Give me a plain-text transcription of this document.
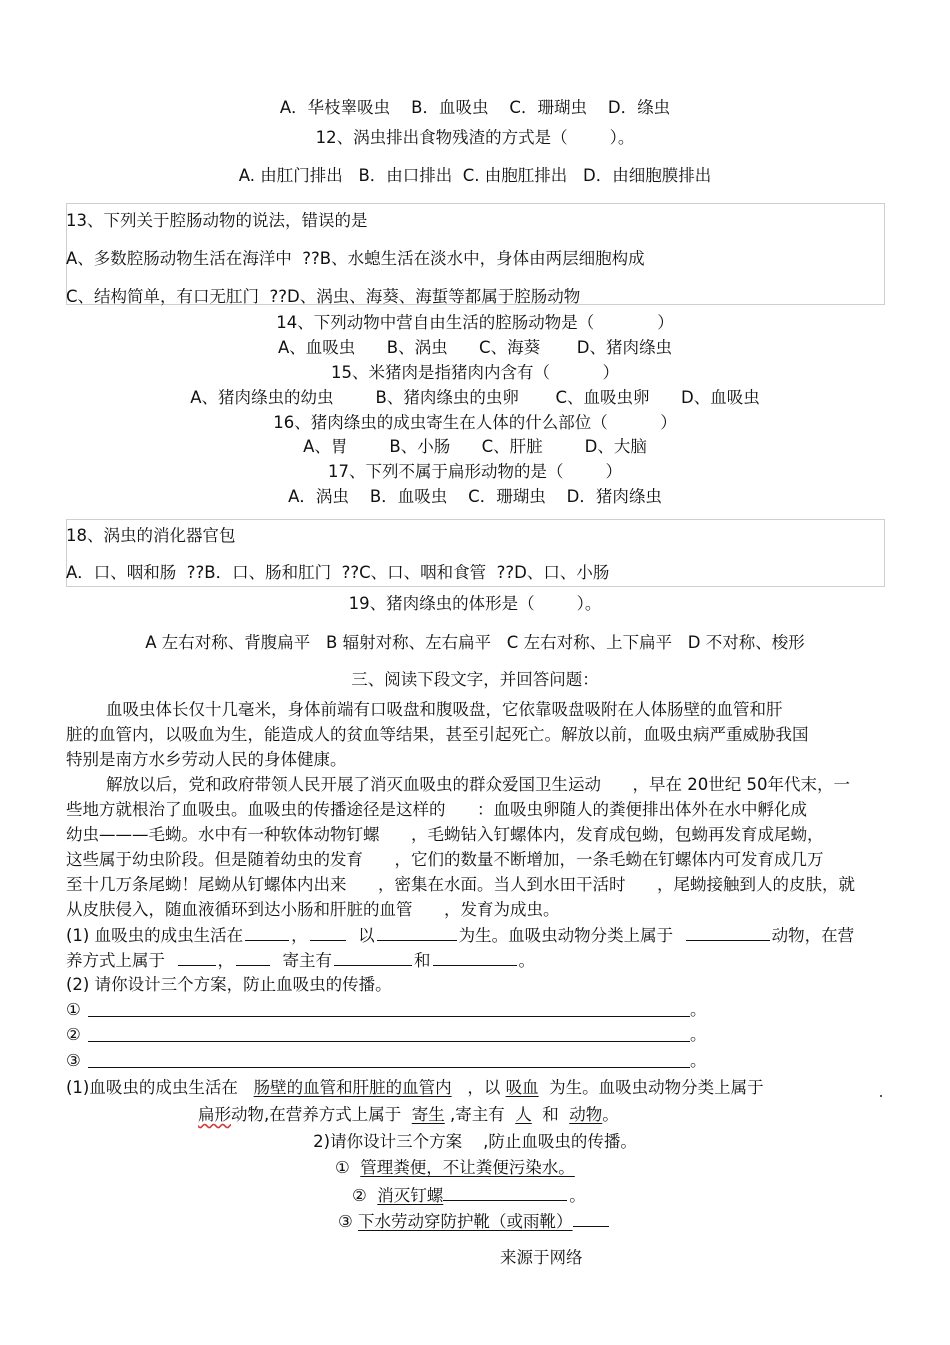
A．华枝睾吸虫    B．血吸虫    C．珊瑚虫    D．绦虫
12、涡虫排出食物残渣的方式是（        ）。
A. 由肛门排出   B．由口排出  C. 由胞肛排出   D．由细胞膜排出
13、下列关于腔肠动物的说法，错误的是
A、多数腔肠动物生活在海洋中  ??B、水螅生活在淡水中，身体由两层细胞构成
C、结构简单，有口无肛门  ??D、涡虫、海葵、海蜇等都属于腔肠动物
14、下列动物中营自由生活的腔肠动物是（            ）
A、血吸虫      B、涡虫      C、海葵       D、猪肉绦虫
15、米猪肉是指猪肉内含有（          ）
A、猪肉绦虫的幼虫        B、猪肉绦虫的虫卵       C、血吸虫卵      D、血吸虫
16、猪肉绦虫的成虫寄生在人体的什么部位（          ）
A、胃        B、小肠      C、肝脏        D、大脑
17、下列不属于扁形动物的是（        ）
A．涡虫    B．血吸虫    C．珊瑚虫    D．猪肉绦虫
18、涡虫的消化器官包
A．口、咽和肠  ??B．口、肠和肛门  ??C、口、咽和食管  ??D、口、小肠
19、猪肉绦虫的体形是（        ）。
A 左右对称、背腹扁平   B 辐射对称、左右扁平   C 左右对称、上下扁平   D 不对称、梭形
三、阅读下段文字，并回答问题：
血吸虫体长仅十几毫米，身体前端有口吸盘和腹吸盘，它依靠吸盘吸附在人体肠壁的血管和肝
脏的血管内，以吸血为生，能造成人的贫血等结果，甚至引起死亡。解放以前，血吸虫病严重威胁我国
特别是南方水乡劳动人民的身体健康。
解放以后，党和政府带领人民开展了消灭血吸虫的群众爱国卫生运动      ，早在 20世纪 50年代末，一
些地方就根治了血吸虫。血吸虫的传播途径是这样的      ：血吸虫卵随人的粪便排出体外在水中孵化成
幼虫———毛蚴。水中有一种软体动物钉螺      ，毛蚴钻入钉螺体内，发育成包蚴，包蚴再发育成尾蚴，
这些属于幼虫阶段。但是随着幼虫的发育      ，它们的数量不断增加，一条毛蚴在钉螺体内可发育成几万
至十几万条尾蚴！尾蚴从钉螺体内出来      ，密集在水面。当人到水田干活时      ，尾蚴接触到人的皮肤，就
从皮肤侵入，随血液循环到达小肠和肝脏的血管      ，发育为成虫。
(1) 血吸虫的成虫生活在	，	以	为生。血吸虫动物分类上属于	动物，在营
养方式上属于	，	寄主有	和	。
(2) 请你设计三个方案，防止血吸虫的传播。
①	。
②	。
③	。
(1)血吸虫的成虫生活在 肠壁的血管和肝脏的血管内 ，以 吸血 为生。血吸虫动物分类上属于
扁形动物,在营养方式上属于 寄生 ,寄主有 人 和 动物。
2)请你设计三个方案    ,防止血吸虫的传播。
① 管理粪便，不让粪便污染水。
② 消灭钉螺	。
③ 下水劳动穿防护靴（或雨靴）
来源于网络
